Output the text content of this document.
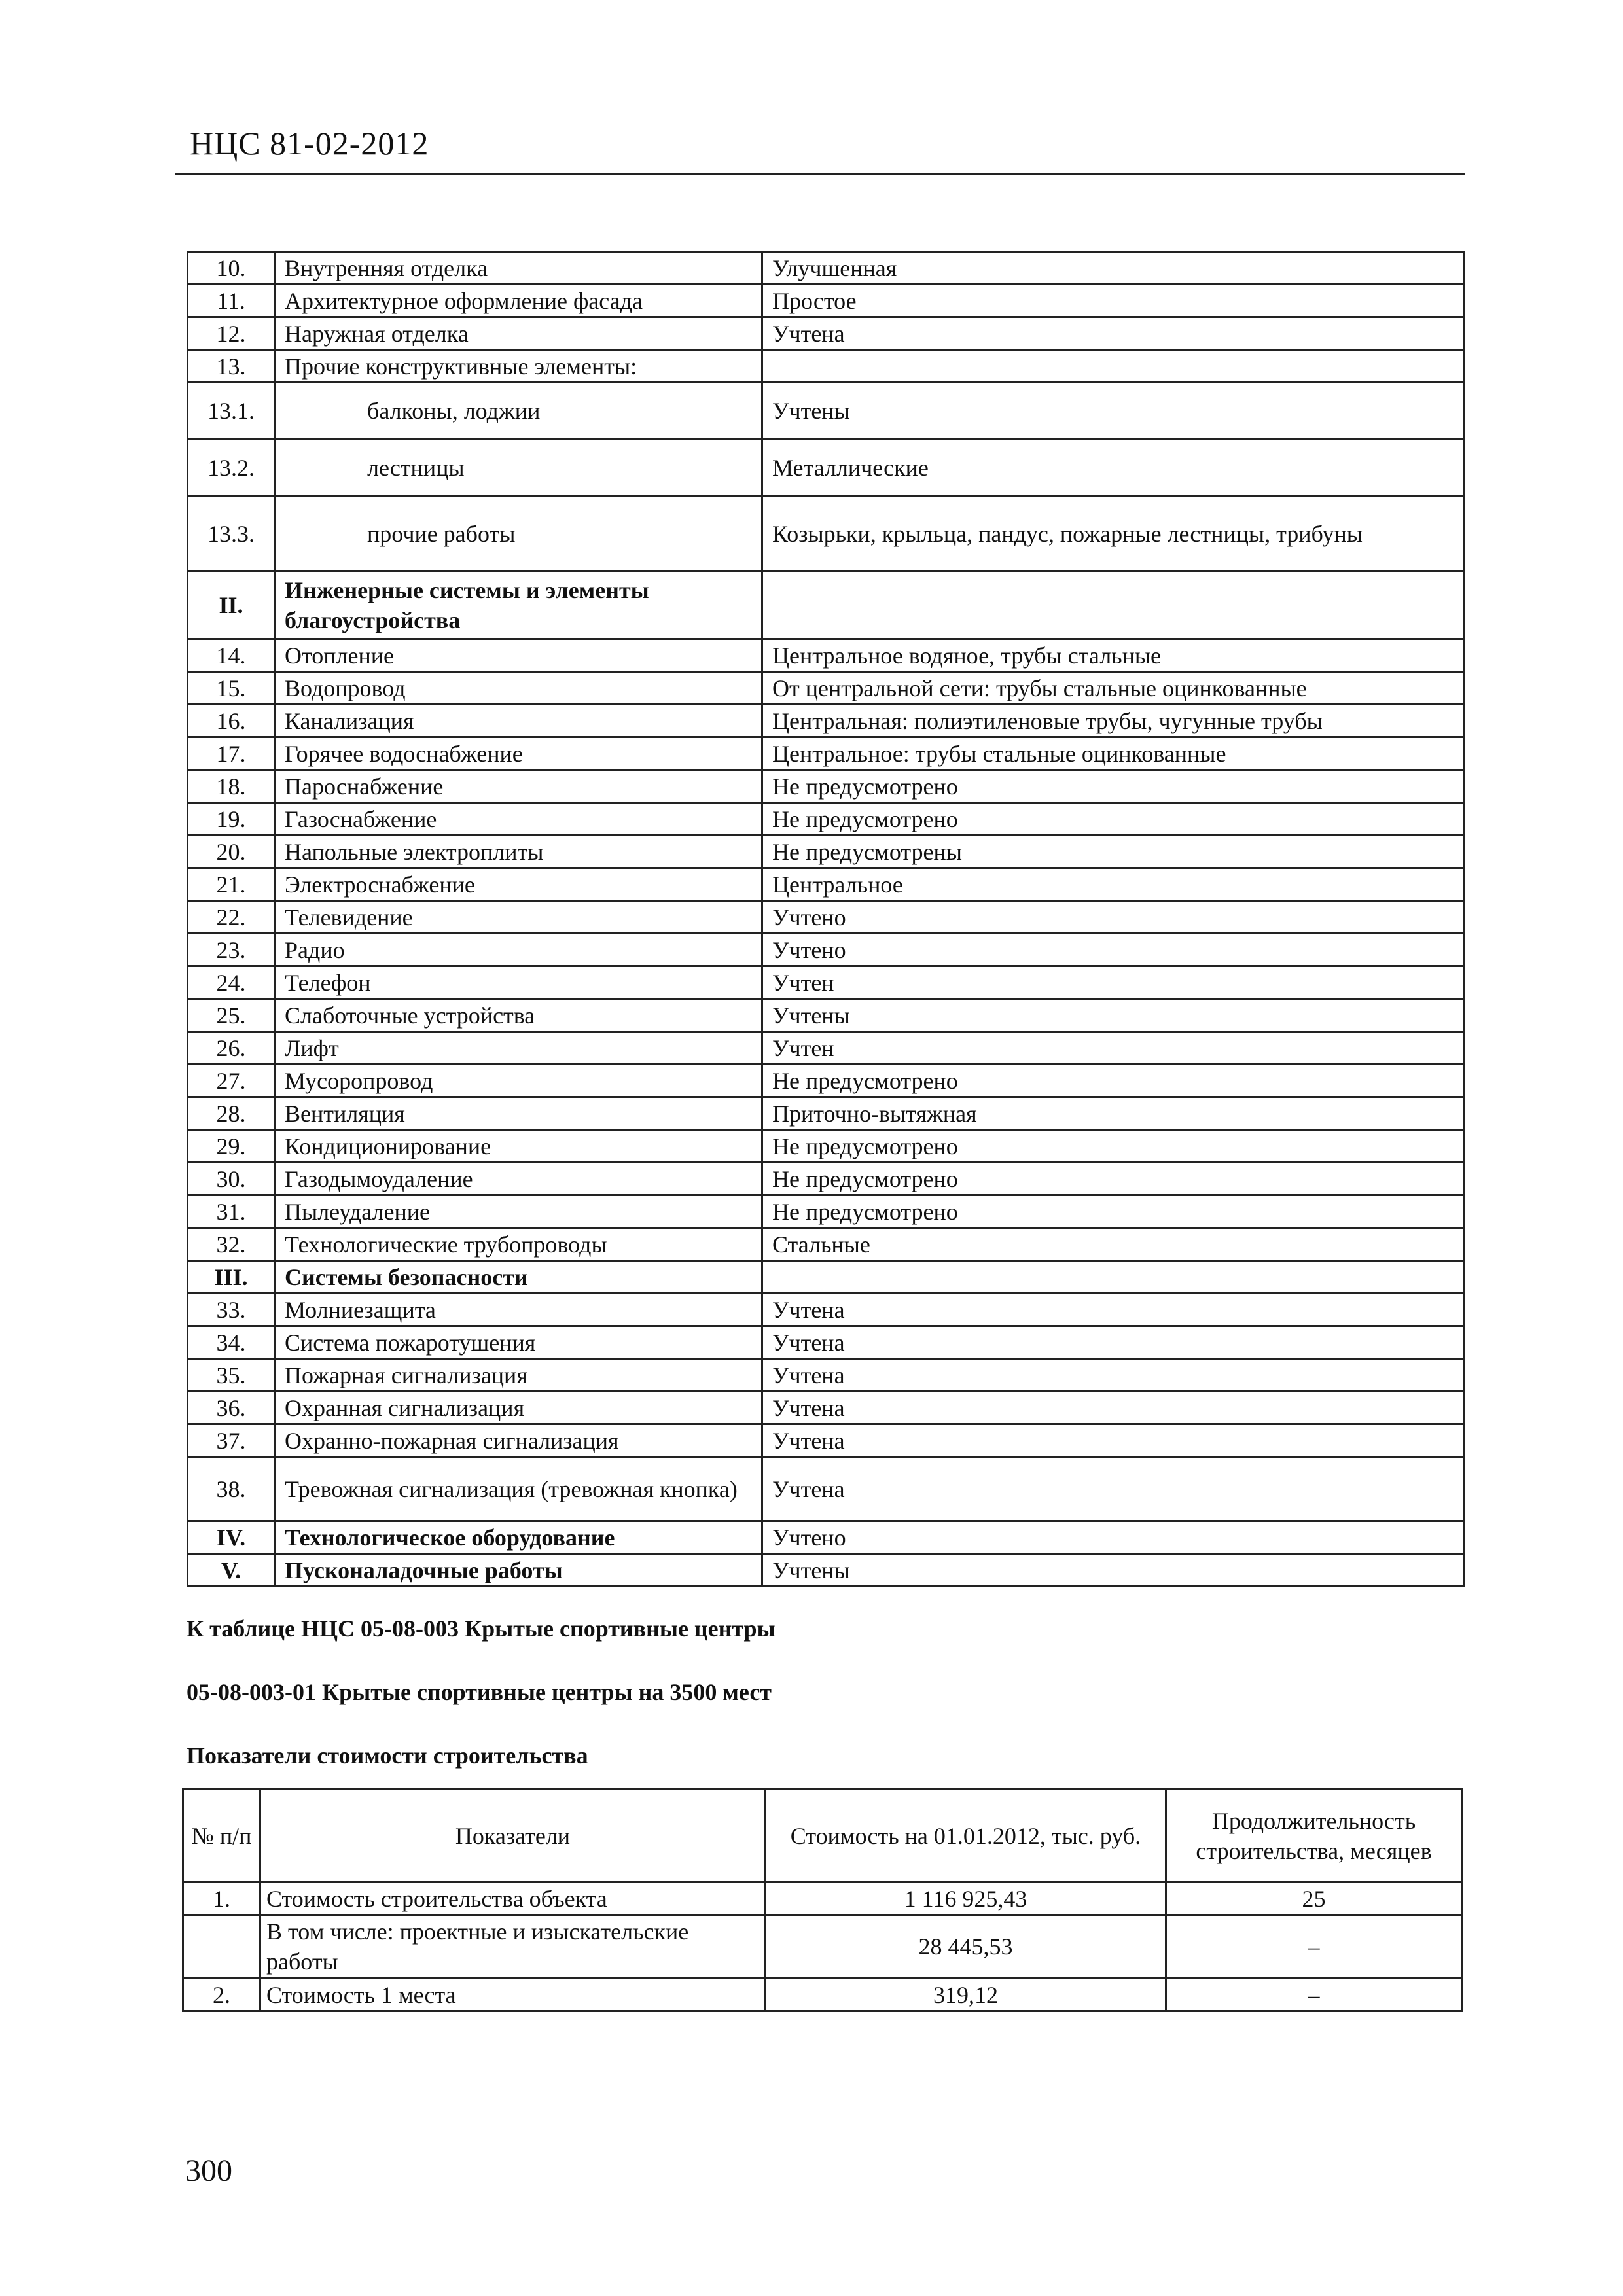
НЦС 81-02-2012
10.	Внутренняя отделка	Улучшенная
11.	Архитектурное оформление фасада	Простое
12.	Наружная отделка	Учтена
13.	Прочие конструктивные элементы:	
13.1.	балконы, лоджии	Учтены
13.2.	лестницы	Металлические
13.3.	прочие работы	Козырьки, крыльца, пандус, пожарные лестницы, трибуны
II.	Инженерные системы и элементы благоустройства	
14.	Отопление	Центральное водяное, трубы стальные
15.	Водопровод	От центральной сети: трубы стальные оцинкованные
16.	Канализация	Центральная: полиэтиленовые трубы, чугунные трубы
17.	Горячее водоснабжение	Центральное: трубы стальные оцинкованные
18.	Пароснабжение	Не предусмотрено
19.	Газоснабжение	Не предусмотрено
20.	Напольные электроплиты	Не предусмотрены
21.	Электроснабжение	Центральное
22.	Телевидение	Учтено
23.	Радио	Учтено
24.	Телефон	Учтен
25.	Слаботочные устройства	Учтены
26.	Лифт	Учтен
27.	Мусоропровод	Не предусмотрено
28.	Вентиляция	Приточно-вытяжная
29.	Кондиционирование	Не предусмотрено
30.	Газодымоудаление	Не предусмотрено
31.	Пылеудаление	Не предусмотрено
32.	Технологические трубопроводы	Стальные
III.	Системы безопасности	
33.	Молниезащита	Учтена
34.	Система пожаротушения	Учтена
35.	Пожарная сигнализация	Учтена
36.	Охранная сигнализация	Учтена
37.	Охранно-пожарная сигнализация	Учтена
38.	Тревожная сигнализация (тревожная кнопка)	Учтена
IV.	Технологическое оборудование	Учтено
V.	Пусконаладочные работы	Учтены
К таблице НЦС 05-08-003 Крытые спортивные центры
05-08-003-01 Крытые спортивные центры на 3500 мест
Показатели стоимости строительства
№ п/п	Показатели	Стоимость на 01.01.2012, тыс. руб.	Продолжительность строительства, месяцев
1.	Стоимость строительства объекта	1 116 925,43	25
	В том числе: проектные и изыскательские работы	28 445,53	–
2.	Стоимость 1 места	319,12	–
300
